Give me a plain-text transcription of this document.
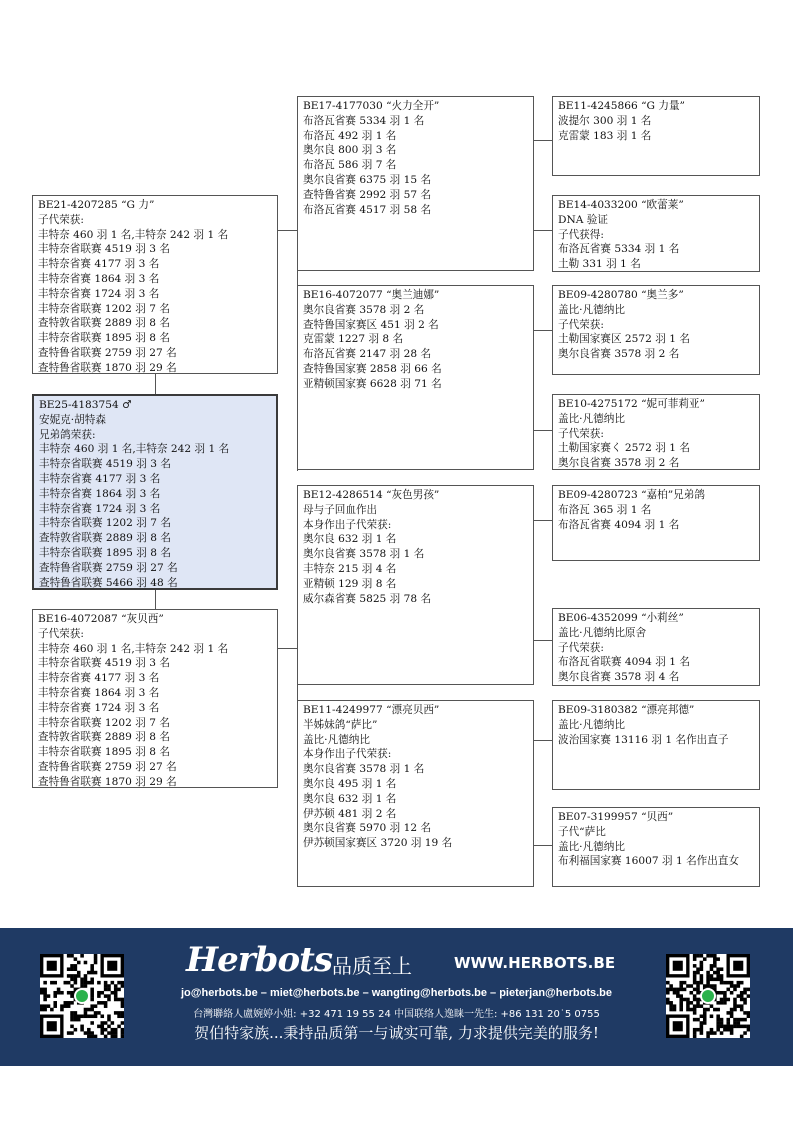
BE17-4177030 “火力全开”
布洛瓦省赛 5334 羽 1 名
布洛瓦 492 羽 1 名
奥尔良 800 羽 3 名
布洛瓦 586 羽 7 名
奥尔良省赛 6375 羽 15 名
查特鲁省赛 2992 羽 57 名
布洛瓦省赛 4517 羽 58 名
BE11-4245866 “G 力量”
波提尔 300 羽 1 名
克雷蒙 183 羽 1 名
BE14-4033200 “欧蕾莱”
DNA 验证
子代获得:
布洛瓦省赛 5334 羽 1 名
土勒 331 羽 1 名
BE21-4207285 “G 力”
子代荣获:
丰特奈 460 羽 1 名,丰特奈 242 羽 1 名
丰特奈省联赛 4519 羽 3 名
丰特奈省赛 4177 羽 3 名
丰特奈省赛 1864 羽 3 名
丰特奈省赛 1724 羽 3 名
丰特奈省联赛 1202 羽 7 名
查特敦省联赛 2889 羽 8 名
丰特奈省联赛 1895 羽 8 名
查特鲁省联赛 2759 羽 27 名
查特鲁省联赛 1870 羽 29 名
BE16-4072077 “奥兰迪娜”
奥尔良省赛 3578 羽 2 名
查特鲁国家赛区 451 羽 2 名
克雷蒙 1227 羽 8 名
布洛瓦省赛 2147 羽 28 名
查特鲁国家赛 2858 羽 66 名
亚精顿国家赛 6628 羽 71 名
BE09-4280780 “奥兰多”
盖比·凡德纳比
子代荣获:
土勒国家赛区 2572 羽 1 名
奥尔良省赛 3578 羽 2 名
BE25-4183754 ♂
安妮克·胡特森
兄弟鸽荣获:
丰特奈 460 羽 1 名,丰特奈 242 羽 1 名
丰特奈省联赛 4519 羽 3 名
丰特奈省赛 4177 羽 3 名
丰特奈省赛 1864 羽 3 名
丰特奈省赛 1724 羽 3 名
丰特奈省联赛 1202 羽 7 名
查特敦省联赛 2889 羽 8 名
丰特奈省联赛 1895 羽 8 名
查特鲁省联赛 2759 羽 27 名
查特鲁省联赛 5466 羽 48 名
BE10-4275172 “妮可菲莉亚”
盖比·凡德纳比
子代荣获:
土勒国家赛く 2572 羽 1 名
奥尔良省赛 3578 羽 2 名
BE12-4286514 “灰色男孩”
母与子回血作出
本身作出子代荣获:
奥尔良 632 羽 1 名
奥尔良省赛 3578 羽 1 名
丰特奈 215 羽 4 名
亚精顿 129 羽 8 名
威尔森省赛 5825 羽 78 名
BE09-4280723 “嘉柏”兄弟鸽
布洛瓦 365 羽 1 名
布洛瓦省赛 4094 羽 1 名
BE16-4072087 “灰贝西”
子代荣获:
丰特奈 460 羽 1 名,丰特奈 242 羽 1 名
丰特奈省联赛 4519 羽 3 名
丰特奈省赛 4177 羽 3 名
丰特奈省赛 1864 羽 3 名
丰特奈省赛 1724 羽 3 名
丰特奈省联赛 1202 羽 7 名
查特敦省联赛 2889 羽 8 名
丰特奈省联赛 1895 羽 8 名
查特鲁省联赛 2759 羽 27 名
查特鲁省联赛 1870 羽 29 名
BE06-4352099 “小莉丝”
盖比·凡德纳比原舍
子代荣获:
布洛瓦省联赛 4094 羽 1 名
奥尔良省赛 3578 羽 4 名
BE11-4249977 “漂亮贝西”
半姊妹鸽“萨比”
盖比·凡德纳比
本身作出子代荣获:
奥尔良省赛 3578 羽 1 名
奥尔良 495 羽 1 名
奥尔良 632 羽 1 名
伊苏顿 481 羽 2 名
奥尔良省赛 5970 羽 12 名
伊苏顿国家赛区 3720 羽 19 名
BE09-3180382 “漂亮邦德”
盖比·凡德纳比
波治国家赛 13116 羽 1 名作出直子
BE07-3199957 “贝西”
子代“萨比
盖比·凡德纳比
布利福国家赛 16007 羽 1 名作出直女
Herbots 品质至上	WWW.HERBOTS.BE
jo@herbots.be – miet@herbots.be – wangting@herbots.be – pieterjan@herbots.be
台灣聯絡人盧婉婷小姐: +32 471 19 55 24 中国联络人逸睐一先生: +86 131 20˙5 0755
贺伯特家族...秉持品质第一与诚实可靠, 力求提供完美的服务!
